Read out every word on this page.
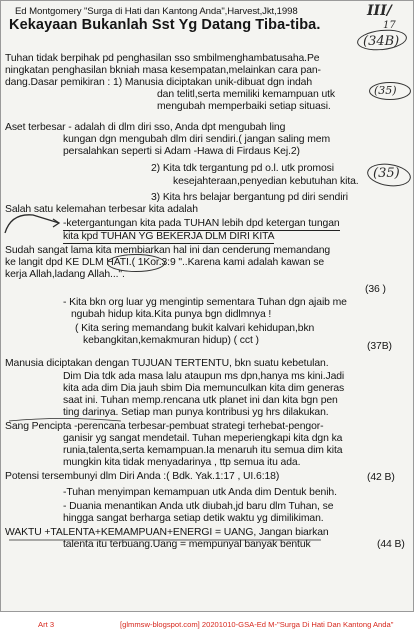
Ed Montgomery "Surga di Hati dan Kantong Anda",Harvest,Jkt,1998	III/
17
Kekayaan Bukanlah Sst Yg Datang Tiba-tiba.
(34B)
Tuhan tidak berpihak pd penghasilan sso smbilmenghambatusaha.Pe
ningkatan penghasilan bkniah masa kesempatan,melainkan cara pan-
dang.Dasar pemikiran : 1) Manusia diciptakan unik-dibuat dgn indah
dan telitl,serta memiliki kemampuan utk
mengubah memperbaiki setiap situasi.
(35)
Aset terbesar - adalah di dlm diri sso, Anda dpt mengubah ling
kungan dgn mengubah dlm diri sendiri.( jangan saling mem
persalahkan seperti si Adam -Hawa di Firdaus Kej.2)
2) Kita tdk tergantung pd o.l. utk promosi	(35)
kesejahteraan,penyedian kebutuhan kita.
3) Kita hrs belajar bergantung pd diri sendiri
Salah satu kelemahan terbesar kita adalah
-ketergantungan kita pada TUHAN lebih dpd ketergan tungan
kita kpd TUHAN YG BEKERJA DLM DIRI KITA
Sudah sangat lama kita membiarkan hal ini dan cenderung memandang
ke langit dpd KE DLM HATI.( 1Kor.3:9 "..Karena kami adalah kawan se
kerja Allah,ladang Allah...".
(36 )
- Kita bkn org luar yg mengintip sementara Tuhan dgn ajaib me
ngubah hidup kita.Kita punya bgn didlmnya !
( Kita sering memandang bukit kalvari kehidupan,bkn
kebangkitan,kemakmuran hidup) ( cct )
(37B)
Manusia diciptakan dengan TUJUAN TERTENTU, bkn suatu kebetulan.
Dim Dia tdk ada masa lalu ataupun ms dpn,hanya ms kini.Jadi
kita ada dim Dia jauh sbim Dia memunculkan kita dim generas
saat ini. Tuhan memp.rencana utk planet ini dan kita bgn pen
ting darinya. Setiap man punya kontribusi yg hrs dilakukan.
Sang Pencipta -perencana terbesar-pembuat strategi terhebat-pengor-
ganisir yg sangat mendetail. Tuhan meperiengkapi kita dgn ka
runia,talenta,serta kemampuan.Ia menaruh itu semua dim kita
mungkin kita tidak menyadarinya , ttp semua itu ada.
Potensi tersembunyi dlm Diri Anda :( Bdk. Yak.1:17 , UI.6:18)	(42 B)
-Tuhan menyimpan kemampuan utk Anda dim Dentuk benih.
- Duania menantikan Anda utk diubah,jd baru dlm Tuhan, se
hingga sangat berharga setiap detik waktu yg dimilikiman.
WAKTU +TALENTA+KEMAMPUAN+ENERGI = UANG, Jangan biarkan
talenta itu terbuang.Uang = mempunyal banyak bentuk	(44 B)
Art 3	[glmmsw-blogspot.com] 20201010-GSA-Ed M-"Surga Di Hati Dan Kantong Anda"
